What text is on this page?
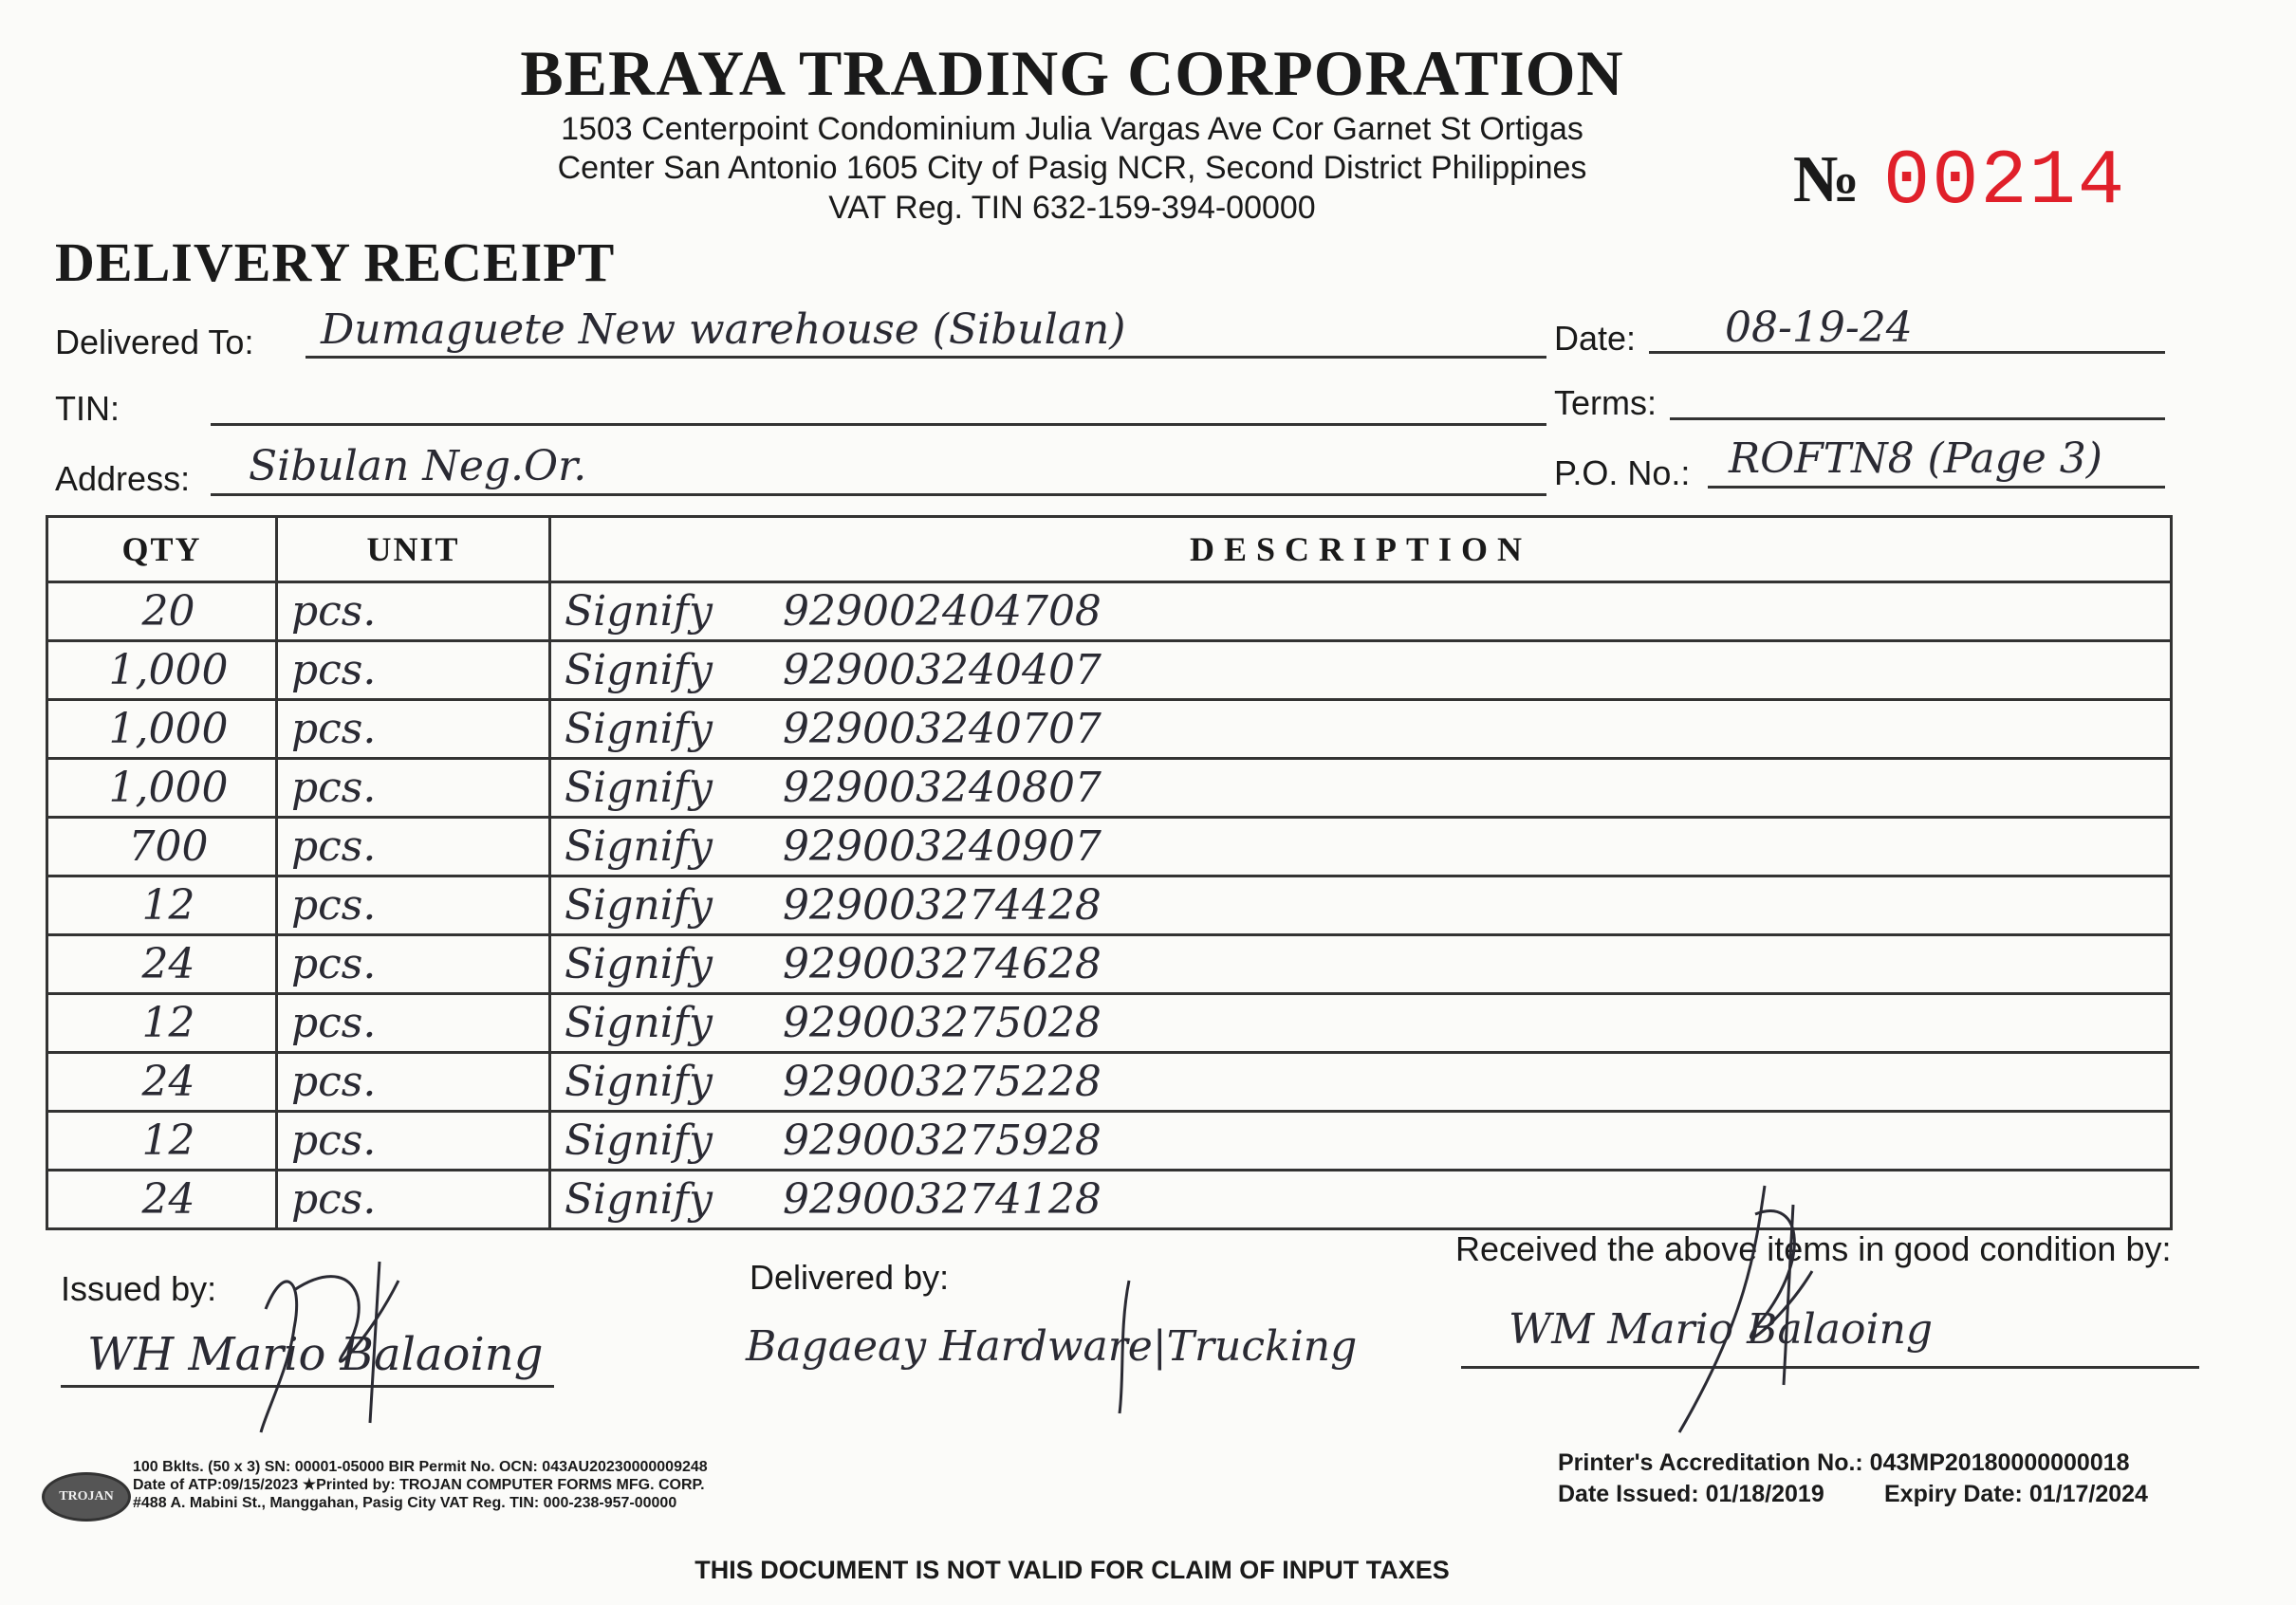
BERAYA TRADING CORPORATION
1503 Centerpoint Condominium Julia Vargas Ave Cor Garnet St Ortigas
Center San Antonio 1605 City of Pasig NCR, Second District Philippines
VAT Reg. TIN 632-159-394-00000	№ 00214
DELIVERY RECEIPT
Delivered To: Dumaguete New warehouse (Sibulan)	Date: 08-19-24
TIN:	Terms:
Address: Sibulan Neg.Or.	P.O. No.: ROFTN8 (Page 3)
QTY	UNIT	DESCRIPTION
20	pcs.	Signify 929002404708
1,000	pcs.	Signify 929003240407
1,000	pcs.	Signify 929003240707
1,000	pcs.	Signify 929003240807
700	pcs.	Signify 929003240907
12	pcs.	Signify 929003274428
24	pcs.	Signify 929003274628
12	pcs.	Signify 929003275028
24	pcs.	Signify 929003275228
12	pcs.	Signify 929003275928
24	pcs.	Signify 929003274128
Issued by:
WH Mario Balaoing
Delivered by:
Bagaeay Hardware|Trucking
Received the above items in good condition by:
WM Mario Balaoing
TROJAN
100 Bklts. (50 x 3) SN: 00001-05000 BIR Permit No. OCN: 043AU20230000009248
Date of ATP:09/15/2023 ★Printed by: TROJAN COMPUTER FORMS MFG. CORP.
#488 A. Mabini St., Manggahan, Pasig City VAT Reg. TIN: 000-238-957-00000
Printer's Accreditation No.: 043MP20180000000018
Date Issued: 01/18/2019	Expiry Date: 01/17/2024
THIS DOCUMENT IS NOT VALID FOR CLAIM OF INPUT TAXES
